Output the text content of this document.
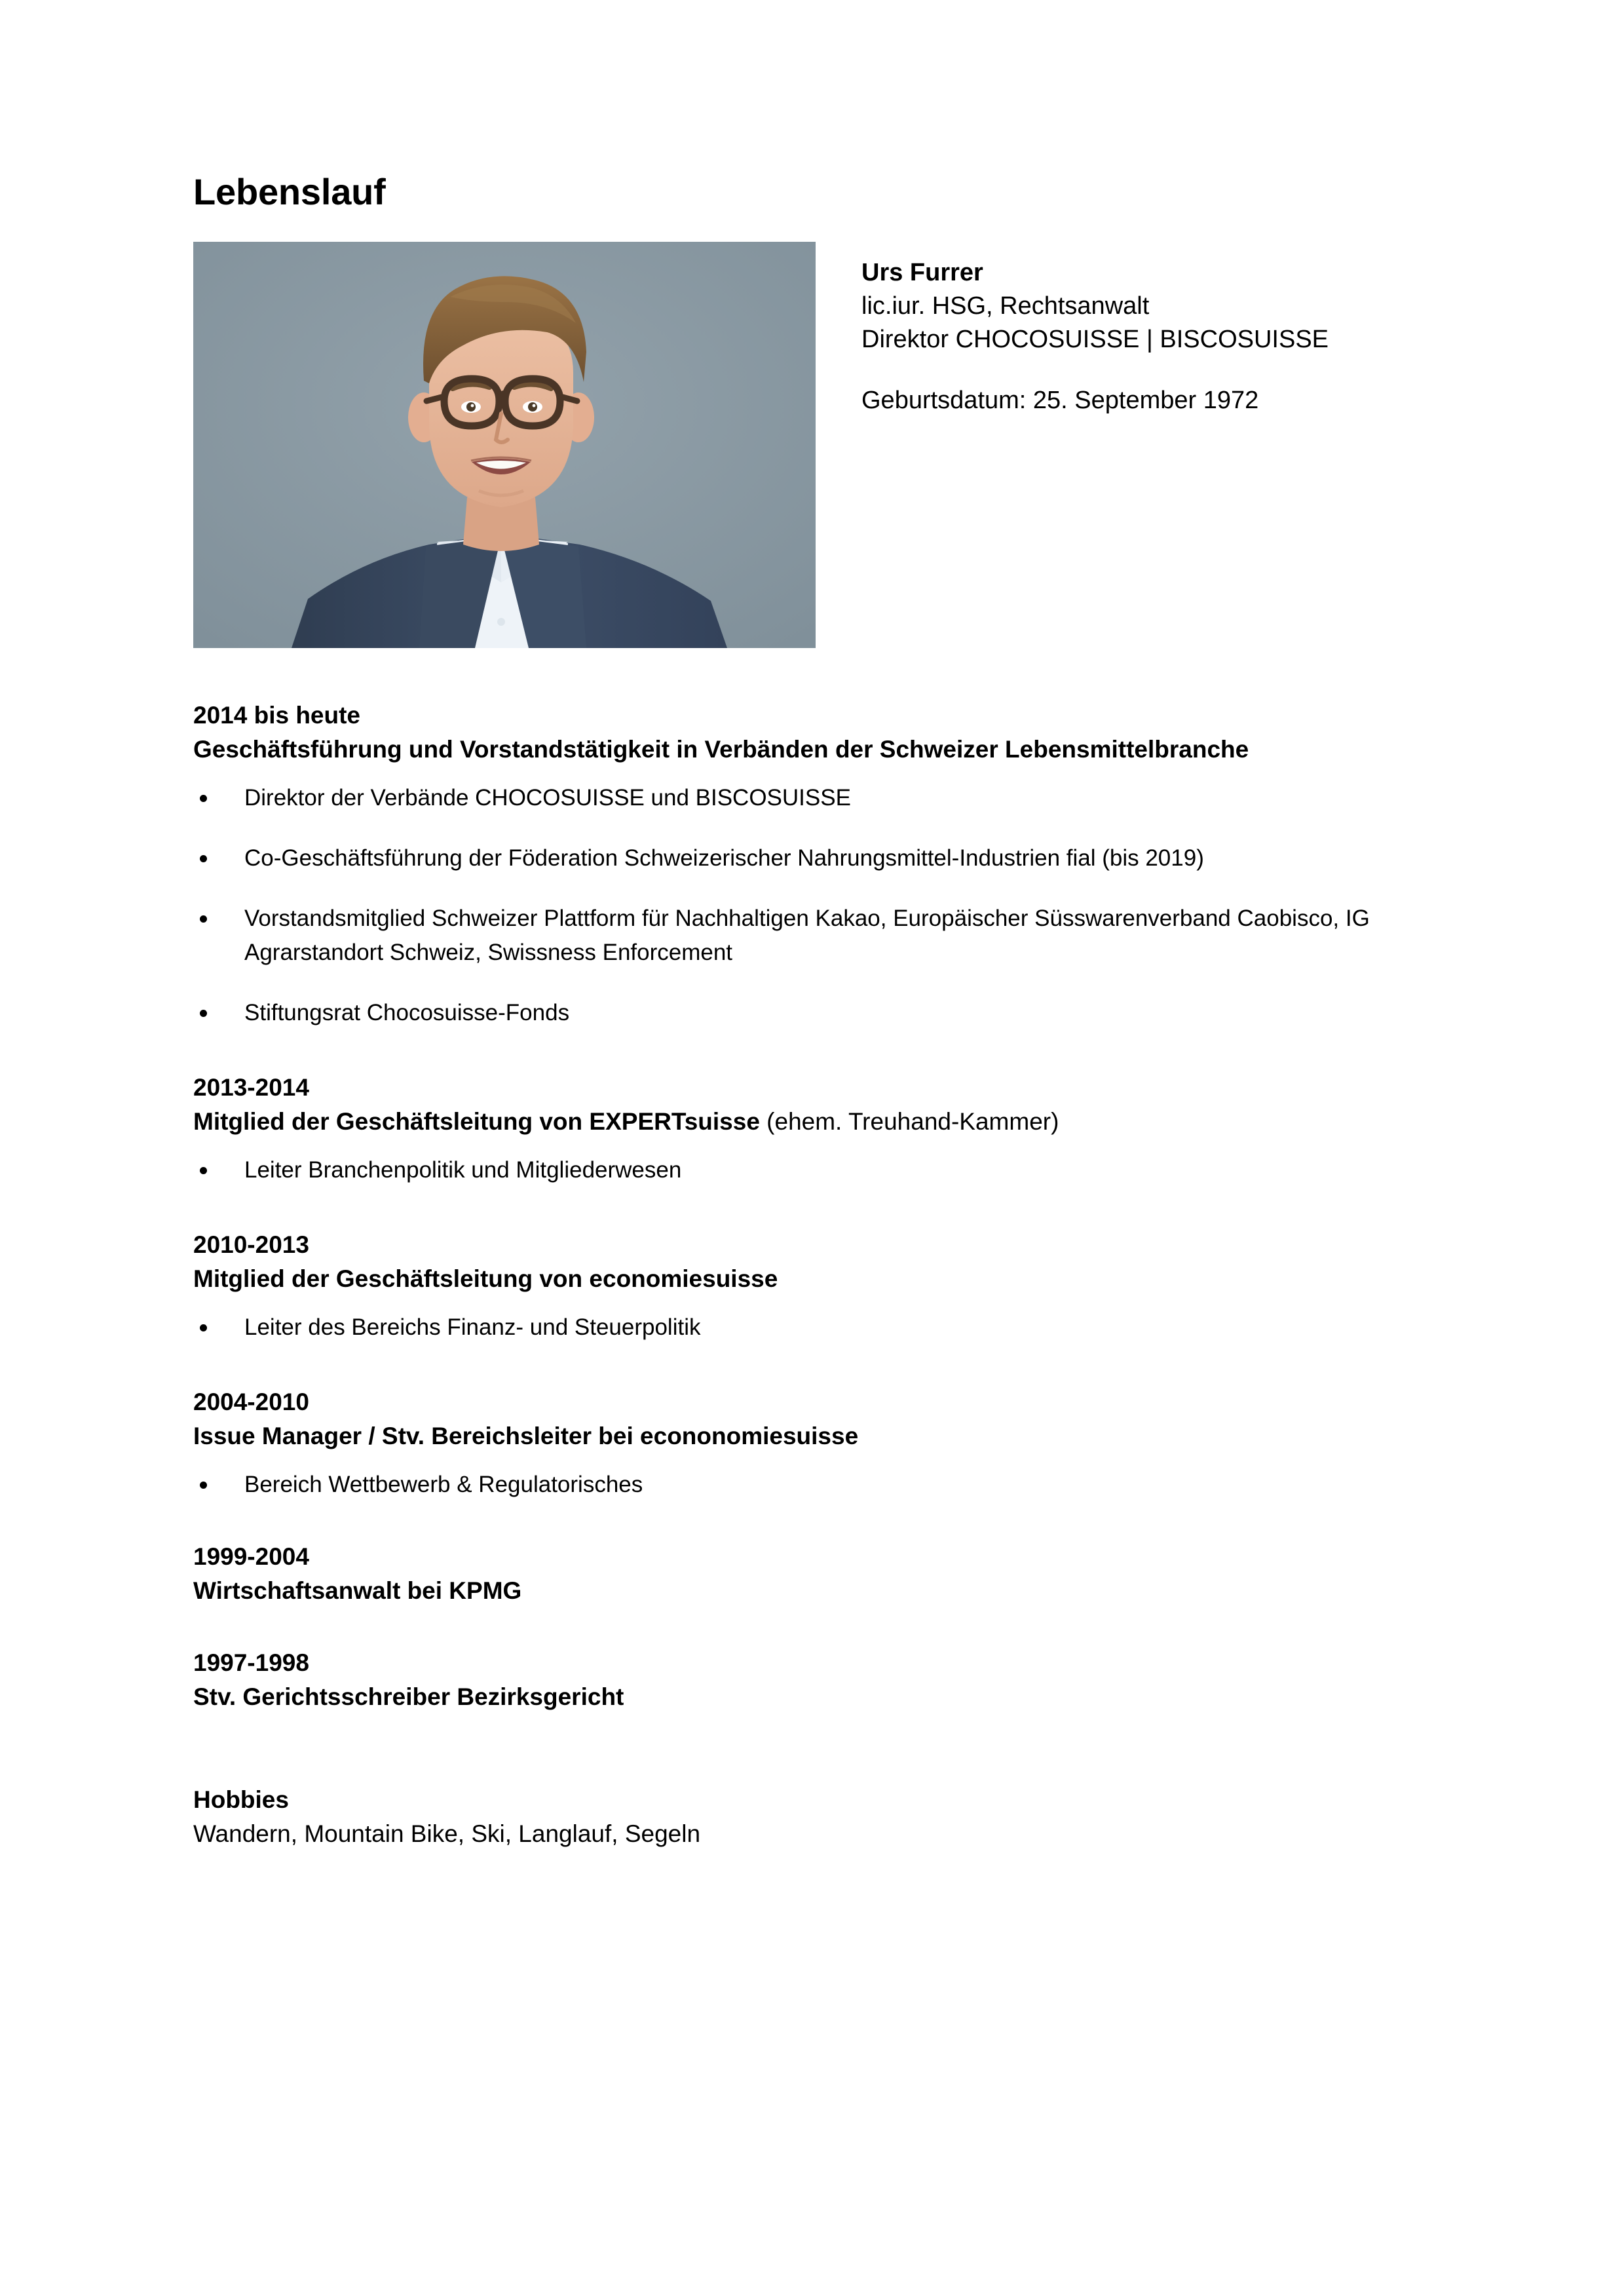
Lebenslauf
Urs Furrer
lic.iur. HSG, Rechtsanwalt
Direktor CHOCOSUISSE | BISCOSUISSE
Geburtsdatum: 25. September 1972
2014 bis heute
Geschäftsführung und Vorstandstätigkeit in Verbänden der Schweizer Lebensmittelbranche
Direktor der Verbände CHOCOSUISSE und BISCOSUISSE
Co-Geschäftsführung der Föderation Schweizerischer Nahrungsmittel-Industrien fial (bis 2019)
Vorstandsmitglied Schweizer Plattform für Nachhaltigen Kakao, Europäischer Süsswarenverband Caobisco, IG Agrarstandort Schweiz, Swissness Enforcement
Stiftungsrat Chocosuisse-Fonds
2013-2014
Mitglied der Geschäftsleitung von EXPERTsuisse (ehem. Treuhand-Kammer)
Leiter Branchenpolitik und Mitgliederwesen
2010-2013
Mitglied der Geschäftsleitung von economiesuisse
Leiter des Bereichs Finanz- und Steuerpolitik
2004-2010
Issue Manager / Stv. Bereichsleiter bei econonomiesuisse
Bereich Wettbewerb & Regulatorisches
1999-2004
Wirtschaftsanwalt bei KPMG
1997-1998
Stv. Gerichtsschreiber Bezirksgericht
Hobbies
Wandern, Mountain Bike, Ski, Langlauf, Segeln
